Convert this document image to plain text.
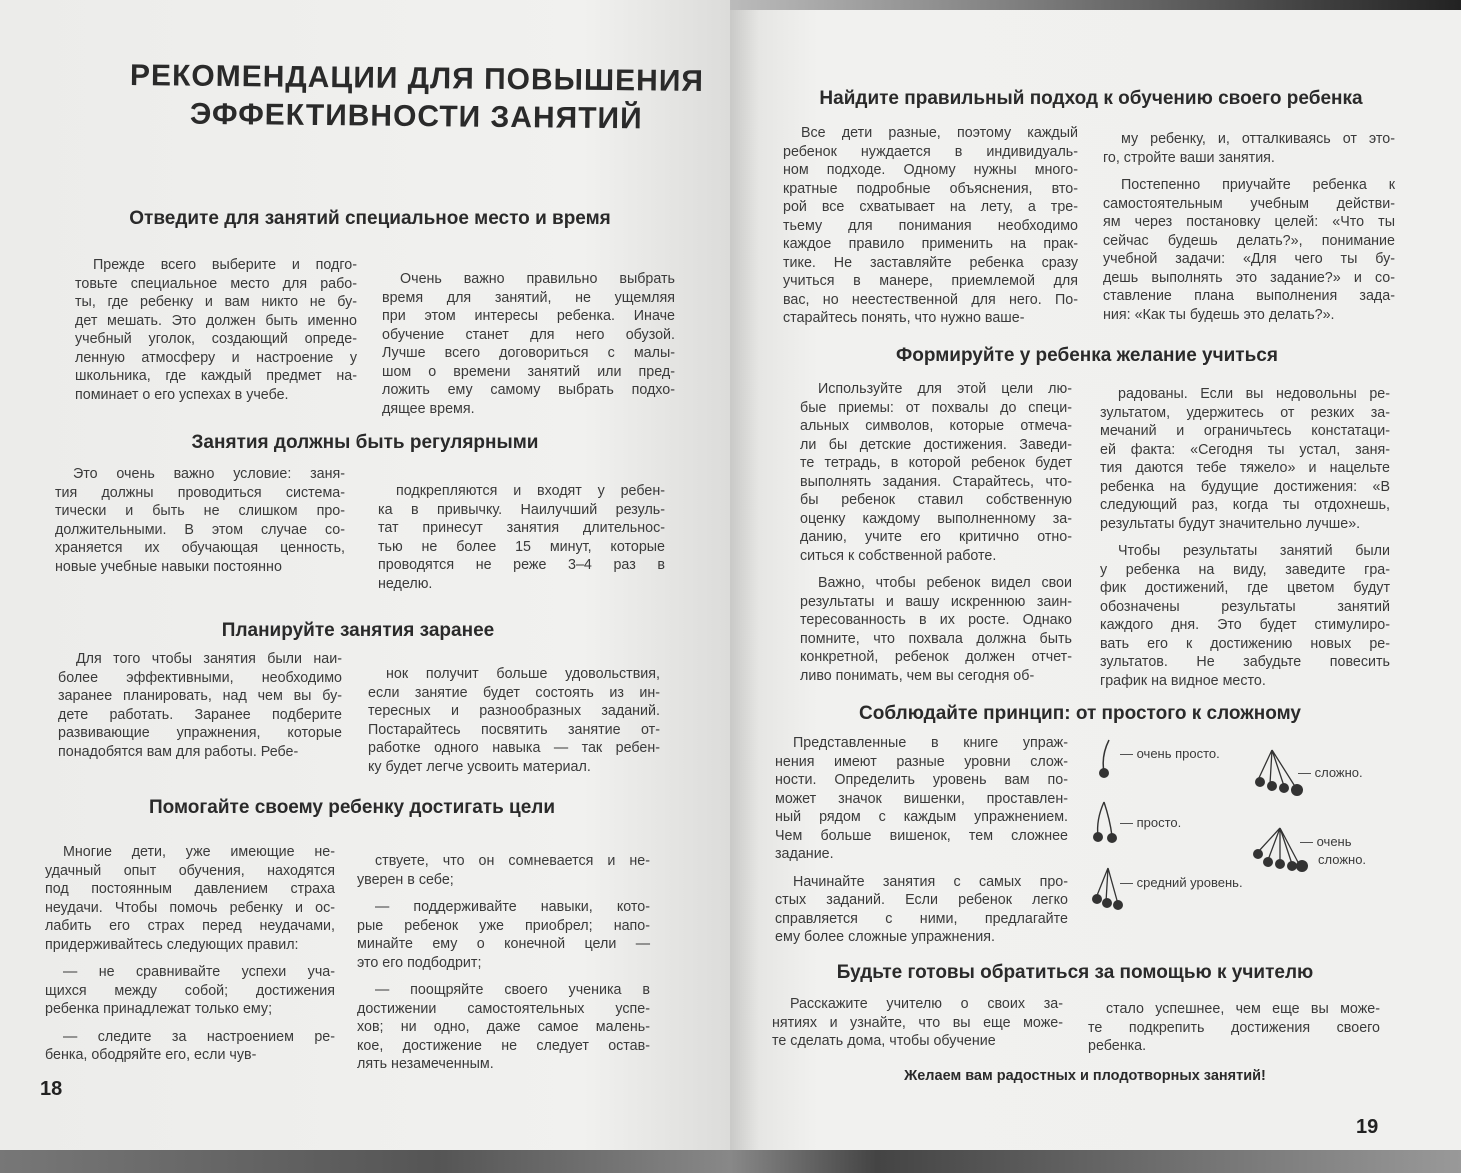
РЕКОМЕНДАЦИИ ДЛЯ ПОВЫШЕНИЯ
ЭФФЕКТИВНОСТИ ЗАНЯТИЙ
Отведите для занятий специальное место и время
Прежде всего выберите и подго-
товьте специальное место для рабо-
ты, где ребенку и вам никто не бу-
дет мешать. Это должен быть именно
учебный уголок, создающий опреде-
ленную атмосферу и настроение у
школьника, где каждый предмет на-
поминает о его успехах в учебе.
Очень важно правильно выбрать
время для занятий, не ущемляя
при этом интересы ребенка. Иначе
обучение станет для него обузой.
Лучше всего договориться с малы-
шом о времени занятий или пред-
ложить ему самому выбрать подхо-
дящее время.
Занятия должны быть регулярными
Это очень важно условие: заня-
тия должны проводиться система-
тически и быть не слишком про-
должительными. В этом случае со-
храняется их обучающая ценность,
новые учебные навыки постоянно
подкрепляются и входят у ребен-
ка в привычку. Наилучший резуль-
тат принесут занятия длительнос-
тью не более 15 минут, которые
проводятся не реже 3–4 раз в
неделю.
Планируйте занятия заранее
Для того чтобы занятия были наи-
более эффективными, необходимо
заранее планировать, над чем вы бу-
дете работать. Заранее подберите
развивающие упражнения, которые
понадобятся вам для работы. Ребе-
нок получит больше удовольствия,
если занятие будет состоять из ин-
тересных и разнообразных заданий.
Постарайтесь посвятить занятие от-
работке одного навыка — так ребен-
ку будет легче усвоить материал.
Помогайте своему ребенку достигать цели
Многие дети, уже имеющие не-
удачный опыт обучения, находятся
под постоянным давлением страха
неудачи. Чтобы помочь ребенку и ос-
лабить его страх перед неудачами,
придерживайтесь следующих правил:
— не сравнивайте успехи уча-
щихся между собой; достижения
ребенка принадлежат только ему;
— следите за настроением ре-
бенка, ободряйте его, если чув-
ствуете, что он сомневается и не-
уверен в себе;
— поддерживайте навыки, кото-
рые ребенок уже приобрел; напо-
минайте ему о конечной цели —
это его подбодрит;
— поощряйте своего ученика в
достижении самостоятельных успе-
хов; ни одно, даже самое малень-
кое, достижение не следует остав-
лять незамеченным.
18
Найдите правильный подход к обучению своего ребенка
Все дети разные, поэтому каждый
ребенок нуждается в индивидуаль-
ном подходе. Одному нужны много-
кратные подробные объяснения, вто-
рой все схватывает на лету, а тре-
тьему для понимания необходимо
каждое правило применить на прак-
тике. Не заставляйте ребенка сразу
учиться в манере, приемлемой для
вас, но неестественной для него. По-
старайтесь понять, что нужно ваше-
му ребенку, и, отталкиваясь от это-
го, стройте ваши занятия.
Постепенно приучайте ребенка к
самостоятельным учебным действи-
ям через постановку целей: «Что ты
сейчас будешь делать?», понимание
учебной задачи: «Для чего ты бу-
дешь выполнять это задание?» и со-
ставление плана выполнения зада-
ния: «Как ты будешь это делать?».
Формируйте у ребенка желание учиться
Используйте для этой цели лю-
бые приемы: от похвалы до специ-
альных символов, которые отмеча-
ли бы детские достижения. Заведи-
те тетрадь, в которой ребенок будет
выполнять задания. Старайтесь, что-
бы ребенок ставил собственную
оценку каждому выполненному за-
данию, учите его критично отно-
ситься к собственной работе.
Важно, чтобы ребенок видел свои
результаты и вашу искреннюю заин-
тересованность в их росте. Однако
помните, что похвала должна быть
конкретной, ребенок должен отчет-
ливо понимать, чем вы сегодня об-
радованы. Если вы недовольны ре-
зультатом, удержитесь от резких за-
мечаний и ограничьтесь констатаци-
ей факта: «Сегодня ты устал, заня-
тия даются тебе тяжело» и нацельте
ребенка на будущие достижения: «В
следующий раз, когда ты отдохнешь,
результаты будут значительно лучше».
Чтобы результаты занятий были
у ребенка на виду, заведите гра-
фик достижений, где цветом будут
обозначены результаты занятий
каждого дня. Это будет стимулиро-
вать его к достижению новых ре-
зультатов. Не забудьте повесить
график на видное место.
Соблюдайте принцип: от простого к сложному
Представленные в книге упраж-
нения имеют разные уровни слож-
ности. Определить уровень вам по-
может значок вишенки, проставлен-
ный рядом с каждым упражнением.
Чем больше вишенок, тем сложнее
задание.
Начинайте занятия с самых про-
стых заданий. Если ребенок легко
справляется с ними, предлагайте
ему более сложные упражнения.
— очень просто.
— сложно.
— просто.
— очень
сложно.
— средний уровень.
Будьте готовы обратиться за помощью к учителю
Расскажите учителю о своих за-
нятиях и узнайте, что вы еще може-
те сделать дома, чтобы обучение
стало успешнее, чем еще вы може-
те подкрепить достижения своего
ребенка.
Желаем вам радостных и плодотворных занятий!
19
